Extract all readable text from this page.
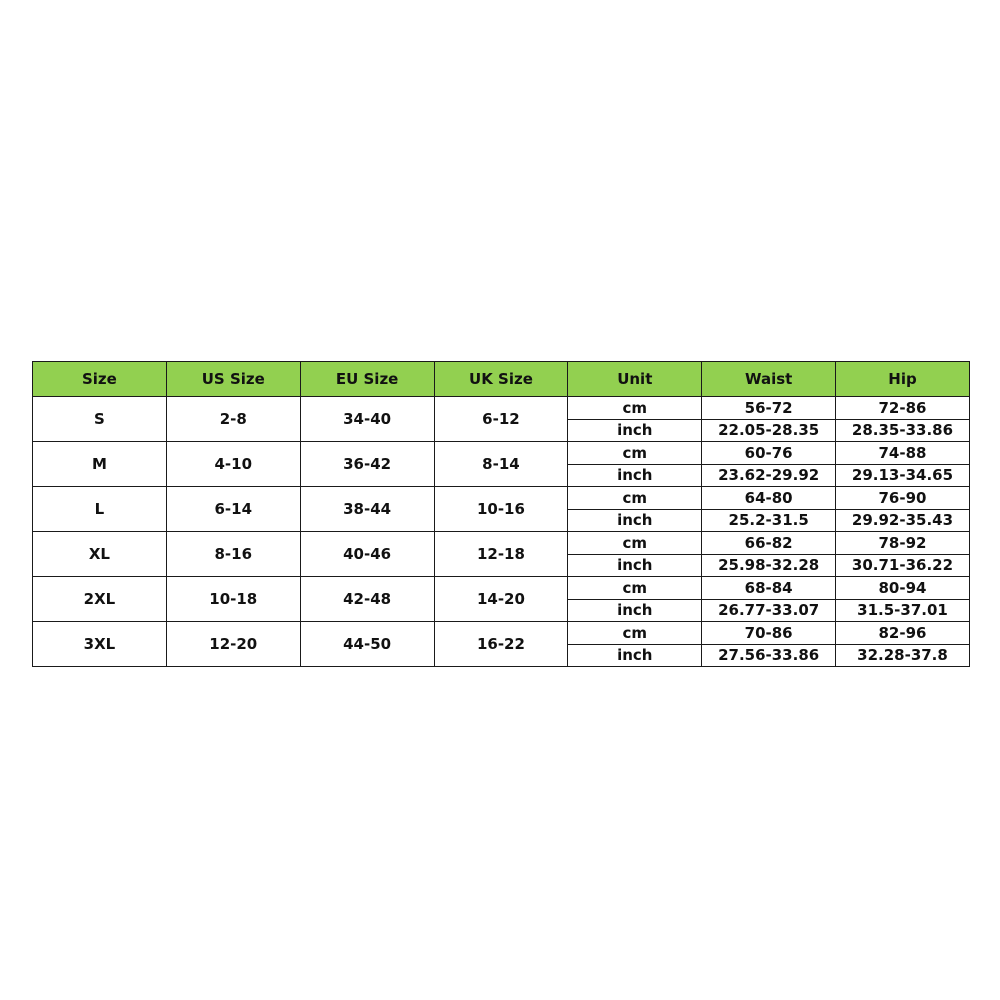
Size	US Size	EU Size	UK Size	Unit	Waist	Hip
S	2-8	34-40	6-12	cm	56-72	72-86
				inch	22.05-28.35	28.35-33.86
M	4-10	36-42	8-14	cm	60-76	74-88
				inch	23.62-29.92	29.13-34.65
L	6-14	38-44	10-16	cm	64-80	76-90
				inch	25.2-31.5	29.92-35.43
XL	8-16	40-46	12-18	cm	66-82	78-92
				inch	25.98-32.28	30.71-36.22
2XL	10-18	42-48	14-20	cm	68-84	80-94
				inch	26.77-33.07	31.5-37.01
3XL	12-20	44-50	16-22	cm	70-86	82-96
				inch	27.56-33.86	32.28-37.8
